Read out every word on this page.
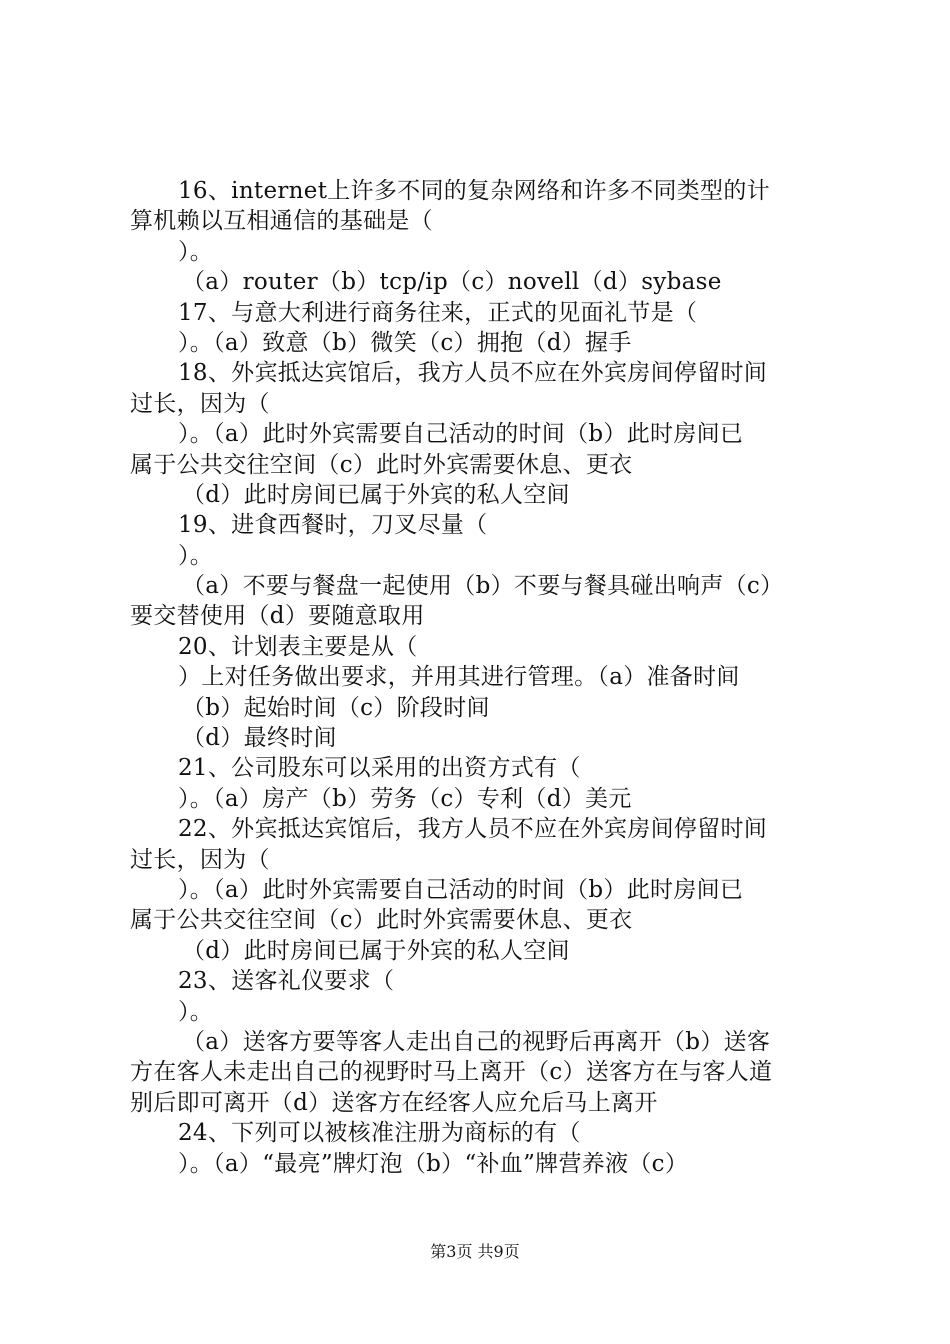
16、internet上许多不同的复杂网络和许多不同类型的计
算机赖以互相通信的基础是（
）。
（a）router（b）tcp/ip（c）novell（d）sybase
17、与意大利进行商务往来，正式的见面礼节是（
）。（a）致意（b）微笑（c）拥抱（d）握手
18、外宾抵达宾馆后，我方人员不应在外宾房间停留时间
过长，因为（
）。（a）此时外宾需要自己活动的时间（b）此时房间已
属于公共交往空间（c）此时外宾需要休息、更衣
（d）此时房间已属于外宾的私人空间
19、进食西餐时，刀叉尽量（
）。
（a）不要与餐盘一起使用（b）不要与餐具碰出响声（c）
要交替使用（d）要随意取用
20、计划表主要是从（
）上对任务做出要求，并用其进行管理。（a）准备时间
（b）起始时间（c）阶段时间
（d）最终时间
21、公司股东可以采用的出资方式有（
）。（a）房产（b）劳务（c）专利（d）美元
22、外宾抵达宾馆后，我方人员不应在外宾房间停留时间
过长，因为（
）。（a）此时外宾需要自己活动的时间（b）此时房间已
属于公共交往空间（c）此时外宾需要休息、更衣
（d）此时房间已属于外宾的私人空间
23、送客礼仪要求（
）。
（a）送客方要等客人走出自己的视野后再离开（b）送客
方在客人未走出自己的视野时马上离开（c）送客方在与客人道
别后即可离开（d）送客方在经客人应允后马上离开
24、下列可以被核准注册为商标的有（
）。（a）“最亮”牌灯泡（b）“补血”牌营养液（c）
第3页 共9页
